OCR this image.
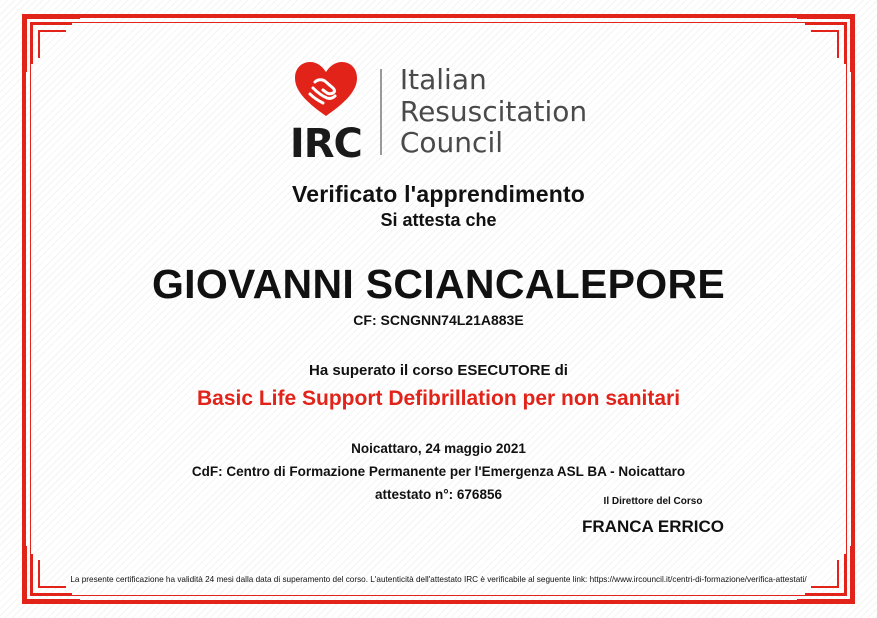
IRC
Italian
Resuscitation
Council
Verificato l'apprendimento
Si attesta che
GIOVANNI SCIANCALEPORE
CF: SCNGNN74L21A883E
Ha superato il corso ESECUTORE di
Basic Life Support Defibrillation per non sanitari
Noicattaro, 24 maggio 2021
CdF: Centro di Formazione Permanente per l'Emergenza ASL BA - Noicattaro
attestato n°: 676856	Il Direttore del Corso
FRANCA ERRICO
La presente certificazione ha validità 24 mesi dalla data di superamento del corso. L'autenticità dell'attestato IRC è verificabile al seguente link: https://www.ircouncil.it/centri-di-formazione/verifica-attestati/
